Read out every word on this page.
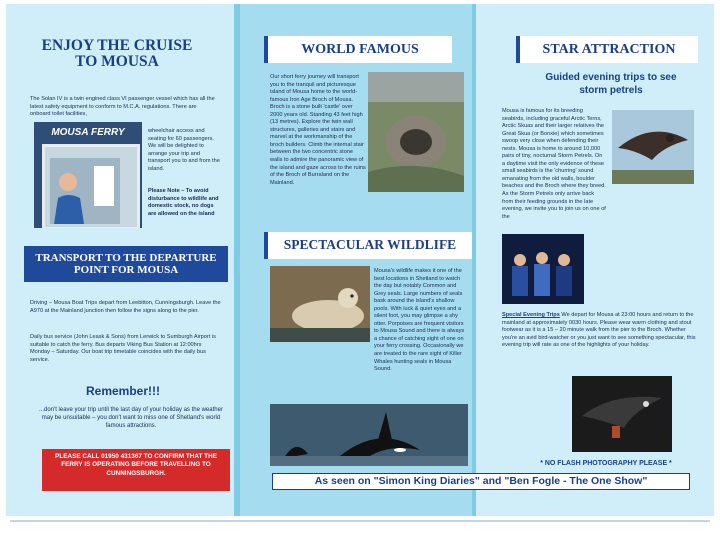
ENJOY THE CRUISE TO MOUSA
The Solan IV is a twin engined class VI passenger vessel which has all the latest safety equipment to conform to M.C.A. regulations. There are onboard toilet facilities,
MOUSA FERRY	wheelchair access and seating for 60 passengers. We will be delighted to arrange your trip and transport you to and from the island.
Please Note – To avoid disturbance to wildlife and domestic stock, no dogs are allowed on the island
TRANSPORT TO THE DEPARTURE POINT FOR MOUSA
Driving – Mousa Boat Trips depart from Leebitton, Cunningsburgh. Leave the A970 at the Mainland junction then follow the signs along to the pier.
Daily bus service (John Leask & Sons) from Lerwick to Sumburgh Airport is suitable to catch the ferry. Bus departs Viking Bus Station at 12:00hrs Monday – Saturday. Our boat trip timetable coincides with the daily bus service.
Remember!!!
...don't leave your trip until the last day of your holiday as the weather may be unsuitable – you don't want to miss one of Shetland's world famous attractions.
PLEASE CALL 01950 431367 TO CONFIRM THAT THE FERRY IS OPERATING BEFORE TRAVELLING TO CUNNINGSBURGH.
WORLD FAMOUS
Our short ferry journey will transport you to the tranquil and picturesque island of Mousa home to the world-famous Iron Age Broch of Mousa. Broch is a stone built 'castle' over 2000 years old. Standing 43 feet high (13 metres). Explore the twin wall structures, galleries and stairs and marvel at the workmanship of the broch builders. Climb the internal stair between the two concentric stone walls to admire the panoramic view of the island and gaze across to the ruins of the Broch of Burraland on the Mainland.
SPECTACULAR WILDLIFE
Mousa's wildlife makes it one of the best locations in Shetland to watch the day but notably Common and Grey seals. Large numbers of seals bask around the island's shallow pools. With luck & quiet eyes and a silent foot, you may glimpse a shy otter. Porpoises are frequent visitors to Mousa Sound and there is always a chance of catching sight of one on your ferry crossing. Occasionally we are treated to the rare sight of Killer Whales hunting seals in Mousa Sound.
STAR ATTRACTION
Guided evening trips to see storm petrels
Mousa is famous for its breeding seabirds, including graceful Arctic Terns, Arctic Skuas and their larger relatives the Great Skua (or Bonxie) which sometimes swoop very close when defending their nests. Mousa is home to around 10,000 pairs of tiny, nocturnal Storm Petrels. On a daytime visit the only evidence of these small seabirds is the 'churring' sound emanating from the old walls, boulder beaches and the Broch where they breed. As the Storm Petrels only arrive back from their feeding grounds in the late evening, we invite you to join us on one of the
Special Evening Trips We depart for Mousa at 23:00 hours and return to the mainland at approximately 0030 hours. Please wear warm clothing and stout footwear as it is a 15 – 20 minute walk from the pier to the Broch. Whether you're an avid bird-watcher or you just want to see something spectacular, this evening trip will rate as one of the highlights of your holiday.
* NO FLASH PHOTOGRAPHY PLEASE *
As seen on "Simon King Diaries" and "Ben Fogle - The One Show"
